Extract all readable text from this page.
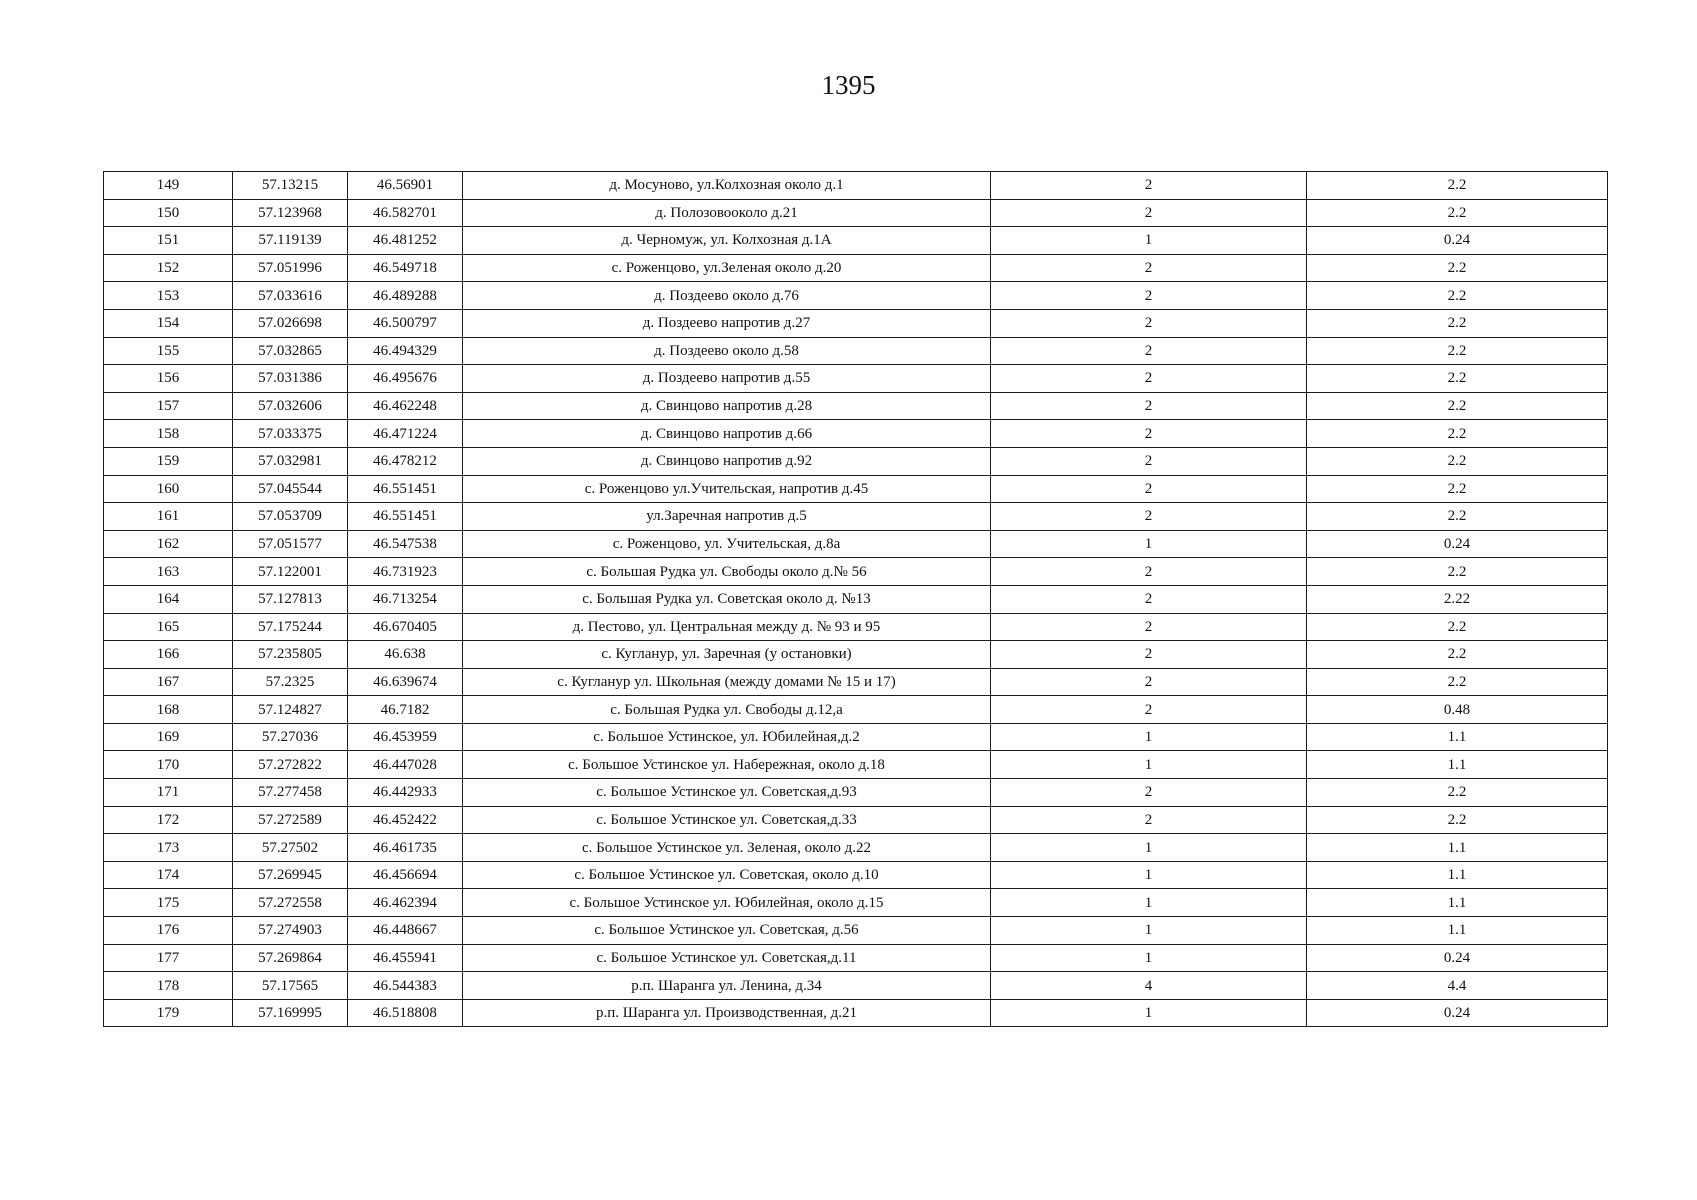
1395
149	57.13215	46.56901	д. Мосуново, ул.Колхозная около д.1	2	2.2
150	57.123968	46.582701	д. Полозовооколо д.21	2	2.2
151	57.119139	46.481252	д. Черномуж, ул. Колхозная д.1А	1	0.24
152	57.051996	46.549718	с. Роженцово, ул.Зеленая около д.20	2	2.2
153	57.033616	46.489288	д. Поздеево около д.76	2	2.2
154	57.026698	46.500797	д. Поздеево напротив д.27	2	2.2
155	57.032865	46.494329	д. Поздеево около д.58	2	2.2
156	57.031386	46.495676	д. Поздеево напротив д.55	2	2.2
157	57.032606	46.462248	д. Свинцово напротив д.28	2	2.2
158	57.033375	46.471224	д. Свинцово напротив д.66	2	2.2
159	57.032981	46.478212	д. Свинцово напротив д.92	2	2.2
160	57.045544	46.551451	с. Роженцово ул.Учительская, напротив д.45	2	2.2
161	57.053709	46.551451	ул.Заречная напротив д.5	2	2.2
162	57.051577	46.547538	с. Роженцово, ул. Учительская, д.8а	1	0.24
163	57.122001	46.731923	с. Большая Рудка ул. Свободы около д.№ 56	2	2.2
164	57.127813	46.713254	с. Большая Рудка ул. Советская около д. №13	2	2.22
165	57.175244	46.670405	д. Пестово, ул. Центральная между д. № 93 и 95	2	2.2
166	57.235805	46.638	с. Кугланур, ул. Заречная (у остановки)	2	2.2
167	57.2325	46.639674	с. Кугланур ул. Школьная (между домами № 15 и 17)	2	2.2
168	57.124827	46.7182	с. Большая Рудка ул. Свободы д.12,а	2	0.48
169	57.27036	46.453959	с. Большое Устинское, ул. Юбилейная,д.2	1	1.1
170	57.272822	46.447028	с. Большое Устинское ул. Набережная, около д.18	1	1.1
171	57.277458	46.442933	с. Большое Устинское ул. Советская,д.93	2	2.2
172	57.272589	46.452422	с. Большое Устинское ул. Советская,д.33	2	2.2
173	57.27502	46.461735	с. Большое Устинское ул. Зеленая, около д.22	1	1.1
174	57.269945	46.456694	с. Большое Устинское ул. Советская, около д.10	1	1.1
175	57.272558	46.462394	с. Большое Устинское ул. Юбилейная, около д.15	1	1.1
176	57.274903	46.448667	с. Большое Устинское ул. Советская, д.56	1	1.1
177	57.269864	46.455941	с. Большое Устинское ул. Советская,д.11	1	0.24
178	57.17565	46.544383	р.п. Шаранга ул. Ленина, д.34	4	4.4
179	57.169995	46.518808	р.п. Шаранга ул. Производственная, д.21	1	0.24
